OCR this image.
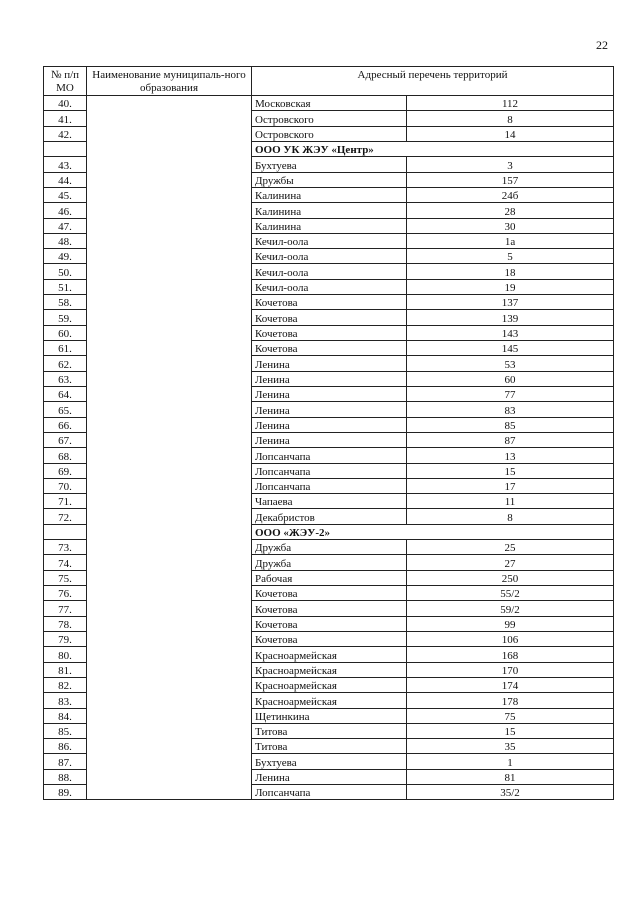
22
№ п/п МО	Наименование муниципаль-ного образования	Адресный перечень территорий	
40.		Московская	112
41.		Островского	8
42.		Островского	14
		ООО УК ЖЭУ «Центр»	
43.		Бухтуева	3
44.		Дружбы	157
45.		Калинина	24б
46.		Калинина	28
47.		Калинина	30
48.		Кечил-оола	1а
49.		Кечил-оола	5
50.		Кечил-оола	18
51.		Кечил-оола	19
58.		Кочетова	137
59.		Кочетова	139
60.		Кочетова	143
61.		Кочетова	145
62.		Ленина	53
63.		Ленина	60
64.		Ленина	77
65.		Ленина	83
66.		Ленина	85
67.		Ленина	87
68.		Лопсанчапа	13
69.		Лопсанчапа	15
70.		Лопсанчапа	17
71.		Чапаева	11
72.		Декабристов	8
		ООО «ЖЭУ-2»	
73.		Дружба	25
74.		Дружба	27
75.		Рабочая	250
76.		Кочетова	55/2
77.		Кочетова	59/2
78.		Кочетова	99
79.		Кочетова	106
80.		Красноармейская	168
81.		Красноармейская	170
82.		Красноармейская	174
83.		Красноармейская	178
84.		Щетинкина	75
85.		Титова	15
86.		Титова	35
87.		Бухтуева	1
88.		Ленина	81
89.		Лопсанчапа	35/2
